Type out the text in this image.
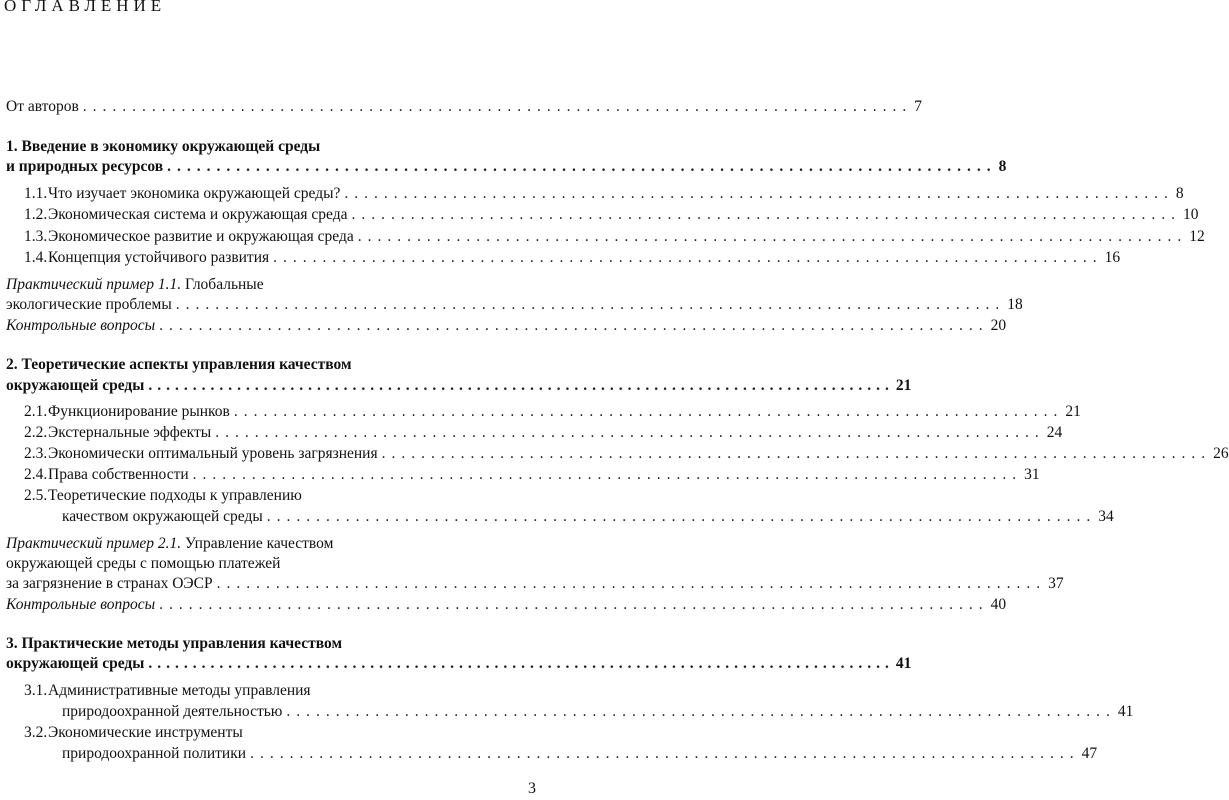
ОГЛАВЛЕНИЕ
От авторов .................................................................................... 7
1. Введение в экономику окружающей среды
и природных ресурсов .................................................................................... 8
1.1.Что изучает экономика окружающей среды? .................................................................................... 8
1.2.Экономическая система и окружающая среда .................................................................................... 10
1.3.Экономическое развитие и окружающая среда .................................................................................... 12
1.4.Концепция устойчивого развития .................................................................................... 16
Практический пример 1.1. Глобальные
экологические проблемы .................................................................................... 18
Контрольные вопросы .................................................................................... 20
2. Теоретические аспекты управления качеством
окружающей среды .................................................................................... 21
2.1.Функционирование рынков .................................................................................... 21
2.2.Экстернальные эффекты .................................................................................... 24
2.3.Экономически оптимальный уровень загрязнения .................................................................................... 26
2.4.Права собственности .................................................................................... 31
2.5.Теоретические подходы к управлению
качеством окружающей среды .................................................................................... 34
Практический пример 2.1. Управление качеством
окружающей среды с помощью платежей
за загрязнение в странах ОЭСР .................................................................................... 37
Контрольные вопросы .................................................................................... 40
3. Практические методы управления качеством
окружающей среды .................................................................................... 41
3.1.Административные методы управления
природоохранной деятельностью .................................................................................... 41
3.2.Экономические инструменты
природоохранной политики .................................................................................... 47
3
